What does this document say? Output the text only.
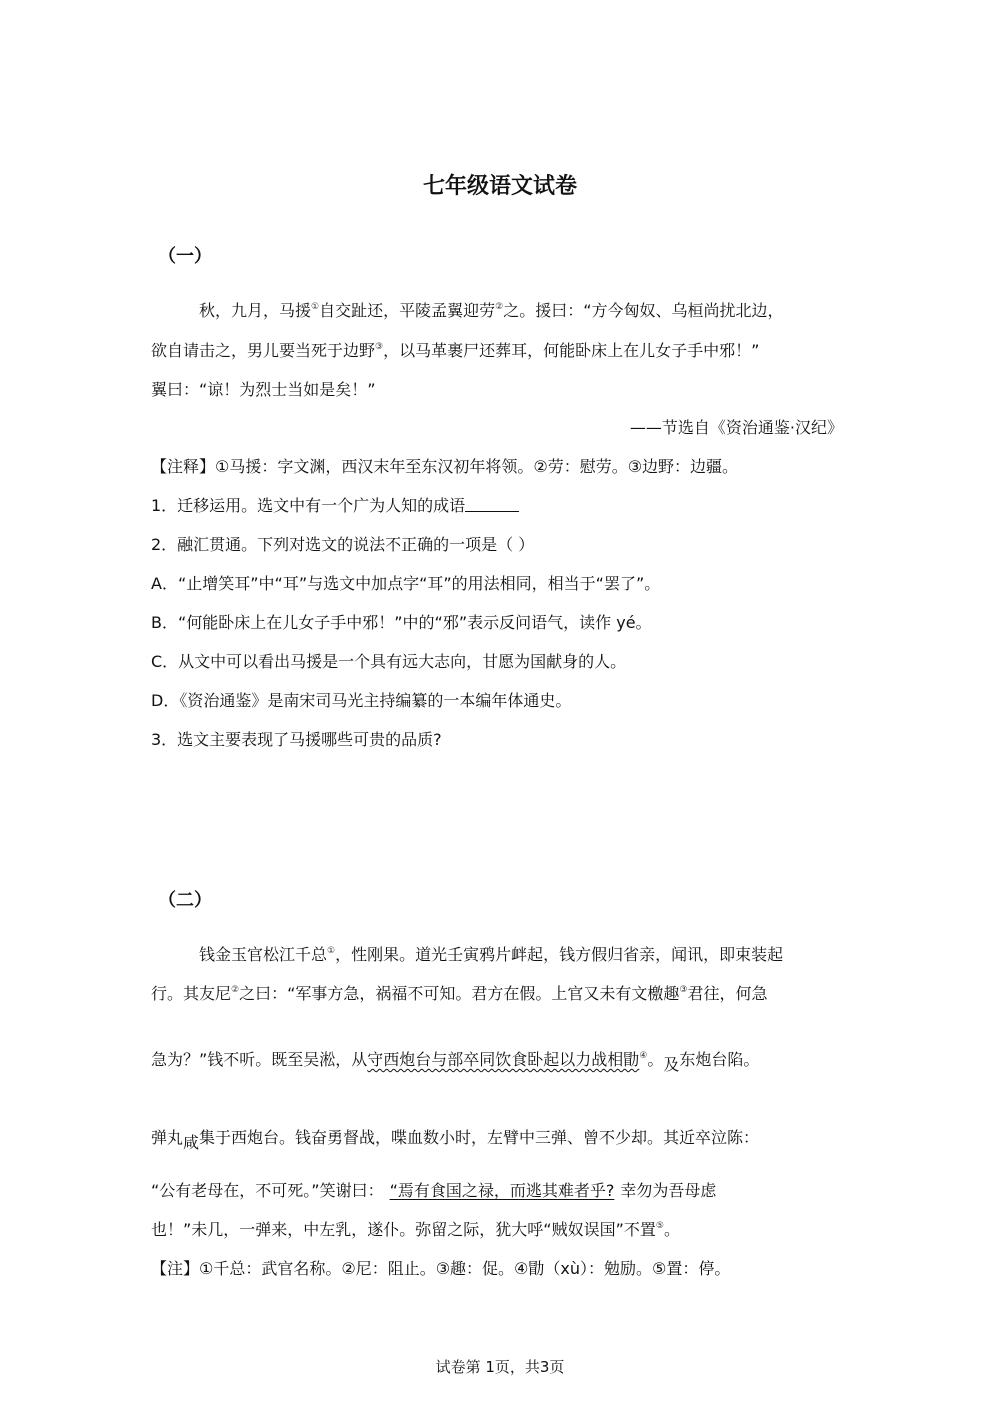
七年级语文试卷
（一）
秋，九月，马援①自交趾还，平陵孟翼迎劳②之。援曰：“方今匈奴、乌桓尚扰北边，
欲自请击之，男儿要当死于边野③，以马革裹尸还葬耳，何能卧床上在儿女子手中邪！”
翼曰：“谅！为烈士当如是矣！”
——节选自《资治通鉴·汉纪》
【注释】①马援：字文渊，西汉末年至东汉初年将领。②劳：慰劳。③边野：边疆。
1．迁移运用。选文中有一个广为人知的成语
2．融汇贯通。下列对选文的说法不正确的一项是（ ）
A．“止增笑耳”中“耳”与选文中加点字“耳”的用法相同，相当于“罢了”。
B．“何能卧床上在儿女子手中邪！”中的“邪”表示反问语气，读作 yé。
C．从文中可以看出马援是一个具有远大志向，甘愿为国献身的人。
D．《资治通鉴》是南宋司马光主持编纂的一本编年体通史。
3．选文主要表现了马援哪些可贵的品质?
（二）
钱金玉官松江千总①，性刚果。道光壬寅鸦片衅起，钱方假归省亲，闻讯，即束装起
行。其友尼②之曰：“军事方急，祸福不可知。君方在假。上官又未有文檄趣③君往，何急
急为？”钱不听。既至吴淞，从守西炮台与部卒同饮食卧起以力战相勖④。及东炮台陷。
弹丸咸集于西炮台。钱奋勇督战，喋血数小时，左臂中三弹、曾不少却。其近卒泣陈：
“公有老母在，不可死。”笑谢曰： “焉有食国之禄，而逃其难者乎? 幸勿为吾母虑
也！”未几，一弹来，中左乳，遂仆。弥留之际，犹大呼“贼奴误国”不置⑤。
【注】①千总：武官名称。②尼：阻止。③趣：促。④勖（xù）：勉励。⑤置：停。
试卷第 1页，共3页
